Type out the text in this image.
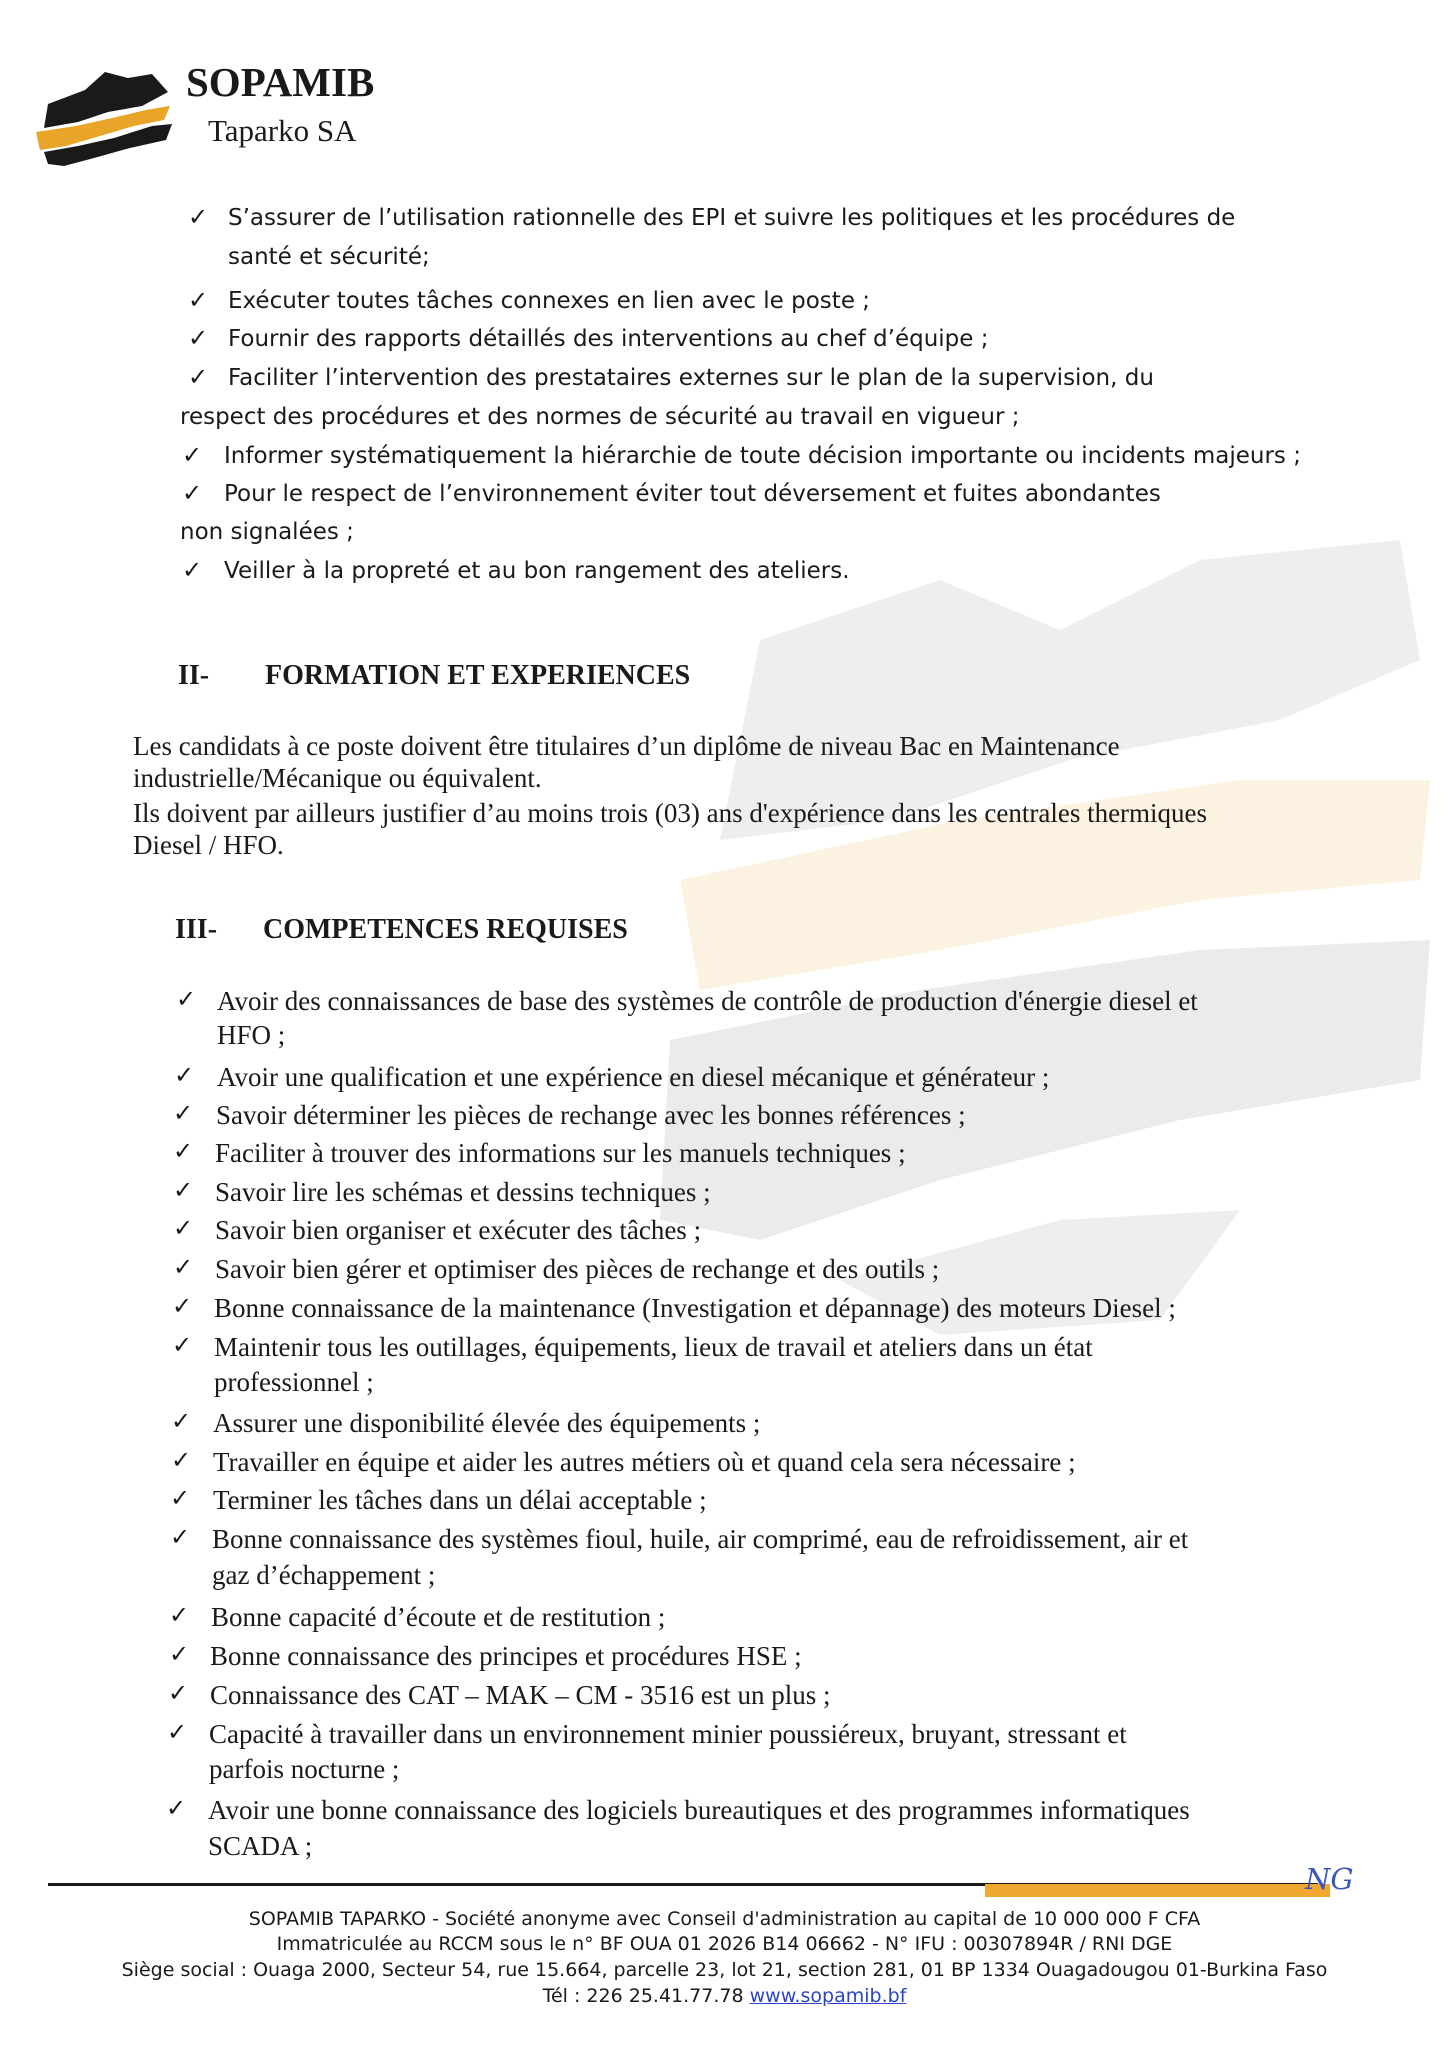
SOPAMIB
Taparko SA
✓ S’assurer de l’utilisation rationnelle des EPI et suivre les politiques et les procédures de
santé et sécurité;
✓ Exécuter toutes tâches connexes en lien avec le poste ;
✓ Fournir des rapports détaillés des interventions au chef d’équipe ;
✓ Faciliter l’intervention des prestataires externes sur le plan de la supervision, du
respect des procédures et des normes de sécurité au travail en vigueur ;
✓ Informer systématiquement la hiérarchie de toute décision importante ou incidents majeurs ;
✓ Pour le respect de l’environnement éviter tout déversement et fuites abondantes
non signalées ;
✓ Veiller à la propreté et au bon rangement des ateliers.
II- FORMATION ET EXPERIENCES
Les candidats à ce poste doivent être titulaires d’un diplôme de niveau Bac en Maintenance
industrielle/Mécanique ou équivalent.
Ils doivent par ailleurs justifier d’au moins trois (03) ans d'expérience dans les centrales thermiques
Diesel / HFO.
III- COMPETENCES REQUISES
✓ Avoir des connaissances de base des systèmes de contrôle de production d'énergie diesel et
HFO ;
✓ Avoir une qualification et une expérience en diesel mécanique et générateur ;
✓ Savoir déterminer les pièces de rechange avec les bonnes références ;
✓ Faciliter à trouver des informations sur les manuels techniques ;
✓ Savoir lire les schémas et dessins techniques ;
✓ Savoir bien organiser et exécuter des tâches ;
✓ Savoir bien gérer et optimiser des pièces de rechange et des outils ;
✓ Bonne connaissance de la maintenance (Investigation et dépannage) des moteurs Diesel ;
✓ Maintenir tous les outillages, équipements, lieux de travail et ateliers dans un état
professionnel ;
✓ Assurer une disponibilité élevée des équipements ;
✓ Travailler en équipe et aider les autres métiers où et quand cela sera nécessaire ;
✓ Terminer les tâches dans un délai acceptable ;
✓ Bonne connaissance des systèmes fioul, huile, air comprimé, eau de refroidissement, air et
gaz d’échappement ;
✓ Bonne capacité d’écoute et de restitution ;
✓ Bonne connaissance des principes et procédures HSE ;
✓ Connaissance des CAT – MAK – CM - 3516 est un plus ;
✓ Capacité à travailler dans un environnement minier poussiéreux, bruyant, stressant et
parfois nocturne ;
✓ Avoir une bonne connaissance des logiciels bureautiques et des programmes informatiques
SCADA ;
NG
SOPAMIB TAPARKO - Société anonyme avec Conseil d'administration au capital de 10 000 000 F CFA
Immatriculée au RCCM sous le n° BF OUA 01 2026 B14 06662 - N° IFU : 00307894R / RNI DGE
Siège social : Ouaga 2000, Secteur 54, rue 15.664, parcelle 23, lot 21, section 281, 01 BP 1334 Ouagadougou 01-Burkina Faso
Tél : 226 25.41.77.78 www.sopamib.bf
